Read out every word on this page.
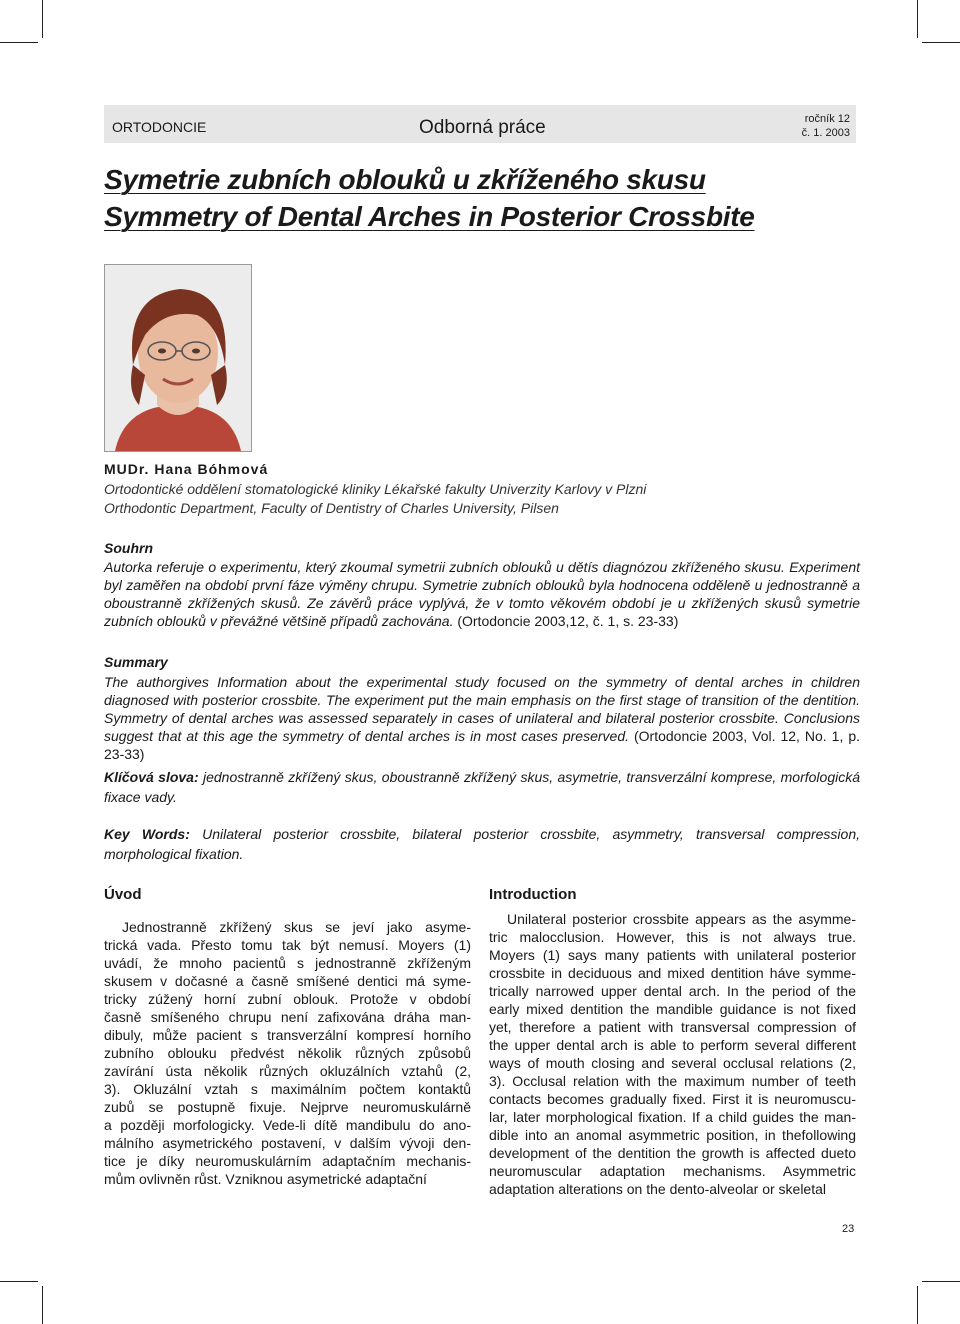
ORTODONCIE	Odborná práce	ročník 12
č. 1. 2003
Symetrie zubních oblouků u zkříženého skusu
Symmetry of Dental Arches in Posterior Crossbite
MUDr. Hana Bóhmová
Ortodontické oddělení stomatologické kliniky Lékařské fakulty Univerzity Karlovy v Plzni
Orthodontic Department, Faculty of Dentistry of Charles University, Pilsen
Souhrn
Autorka referuje o experimentu, který zkoumal symetrii zubních oblouků u dětís diagnózou zkříženého skusu. Experiment byl zaměřen na období první fáze výměny chrupu. Symetrie zubních oblouků byla hodnocena odděleně u jednostranně a oboustranně zkřížených skusů. Ze závěrů práce vyplývá, že v tomto věkovém období je u zkřížených skusů symetrie zubních oblouků v převážné většině případů zachována. (Ortodoncie 2003,12, č. 1, s. 23-33)
Summary
The authorgives Information about the experimental study focused on the symmetry of dental arches in children diagnosed with posterior crossbite. The experiment put the main emphasis on the first stage of transition of the dentition. Symmetry of dental arches was assessed separately in cases of unilateral and bilateral posterior crossbite. Conclusions suggest that at this age the symmetry of dental arches is in most cases preserved. (Ortodoncie 2003, Vol. 12, No. 1, p. 23-33)
Klíčová slova: jednostranně zkřížený skus, oboustranně zkřížený skus, asymetrie, transverzální komprese, morfologická fixace vady.
Key Words: Unilateral posterior crossbite, bilateral posterior crossbite, asymmetry, transversal compression, morphological fixation.
Úvod
Jednostranně zkřížený skus se jeví jako asyme-
trická vada. Přesto tomu tak být nemusí. Moyers (1)
uvádí, že mnoho pacientů s jednostranně zkříženým
skusem v dočasné a časně smíšené dentici má syme-
tricky zúžený horní zubní oblouk. Protože v období
časně smíšeného chrupu není zafixována dráha man-
dibuly, může pacient s transverzální kompresí horního
zubního oblouku předvést několik různých způsobů
zavírání ústa několik různých okluzálních vztahů (2,
3). Okluzální vztah s maximálním počtem kontaktů
zubů se postupně fixuje. Nejprve neuromuskulárně
a později morfologicky. Vede-li dítě mandibulu do ano-
málního asymetrického postavení, v dalším vývoji den-
tice je díky neuromuskulárním adaptačním mechanis-
mům ovlivněn růst. Vzniknou asymetrické adaptační
Introduction
Unilateral posterior crossbite appears as the asymme-
tric malocclusion. However, this is not always true.
Moyers (1) says many patients with unilateral posterior
crossbite in deciduous and mixed dentition háve symme-
trically narrowed upper dental arch. In the period of the
early mixed dentition the mandible guidance is not fixed
yet, therefore a patient with transversal compression of
the upper dental arch is able to perform several different
ways of mouth closing and several occlusal relations (2,
3). Occlusal relation with the maximum number of teeth
contacts becomes gradually fixed. First it is neuromuscu-
lar, later morphological fixation. If a child guides the man-
dible into an anomal asymmetric position, in thefollowing
development of the dentition the growth is affected dueto
neuromuscular adaptation mechanisms. Asymmetric
adaptation alterations on the dento-alveolar or skeletal
23
